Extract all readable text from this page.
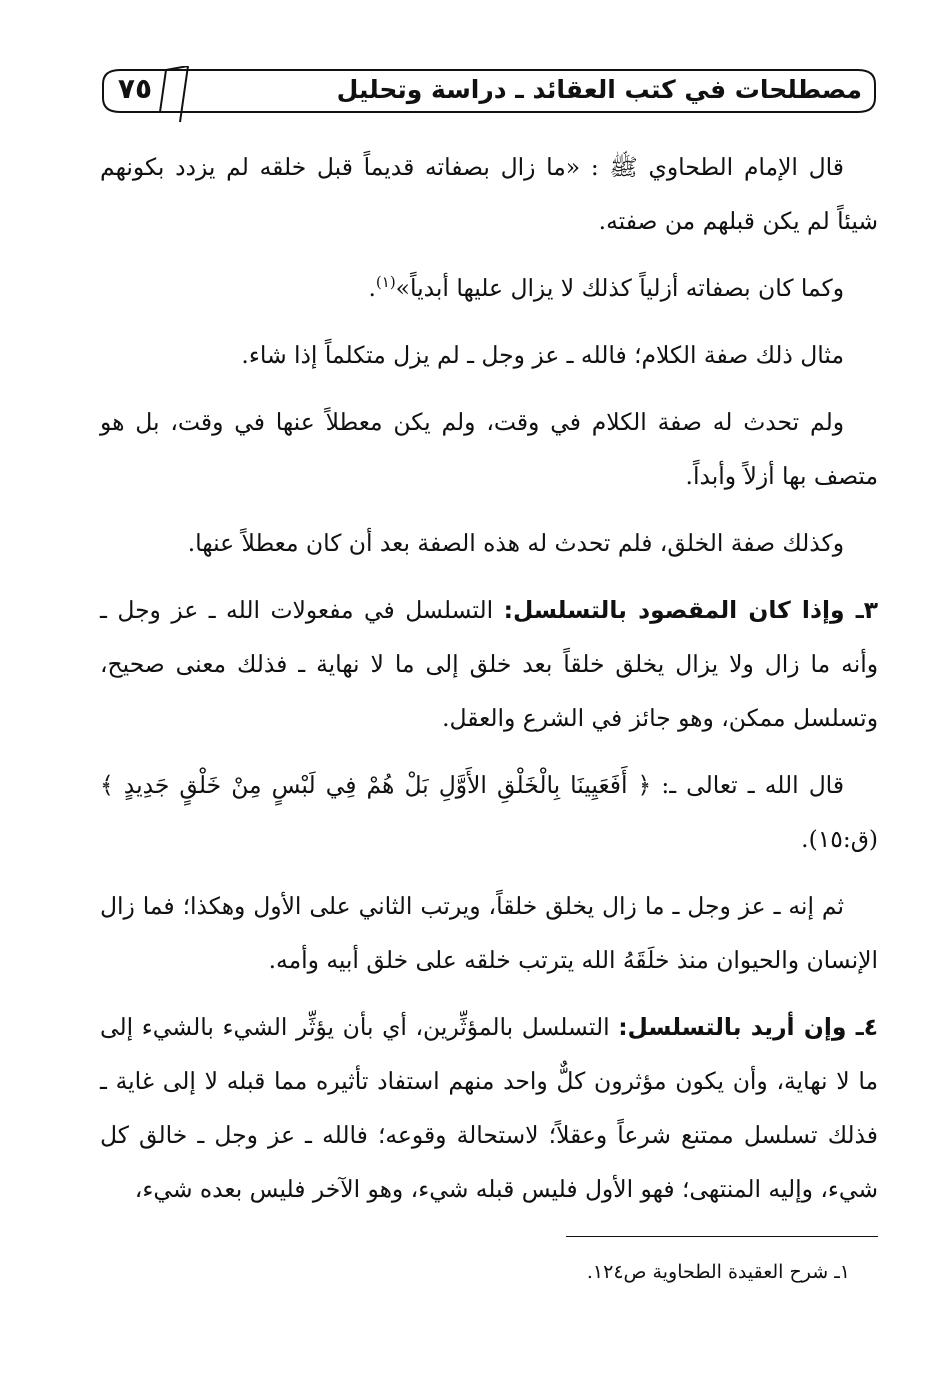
٧٥	مصطلحات في كتب العقائد ـ دراسة وتحليل

قال الإمام الطحاوي ﷺ : «ما زال بصفاته قديماً قبل خلقه لم يزدد بكونهم شيئاً لم يكن قبلهم من صفته.

وكما كان بصفاته أزلياً كذلك لا يزال عليها أبدياً»$^{(١)}$.

مثال ذلك صفة الكلام؛ فالله ـ عز وجل ـ لم يزل متكلماً إذا شاء.

ولم تحدث له صفة الكلام في وقت، ولم يكن معطلاً عنها في وقت، بل هو متصف بها أزلاً وأبداً.

وكذلك صفة الخلق، فلم تحدث له هذه الصفة بعد أن كان معطلاً عنها.

٣ـ وإذا كان المقصود بالتسلسل: التسلسل في مفعولات الله ـ عز وجل ـ وأنه ما زال ولا يزال يخلق خلقاً بعد خلق إلى ما لا نهاية ـ فذلك معنى صحيح، وتسلسل ممكن، وهو جائز في الشرع والعقل.

قال الله ـ تعالى ـ: ﴿ أَفَعَيِينَا بِالْخَلْقِ الأَوَّلِ بَلْ هُمْ فِي لَبْسٍ مِنْ خَلْقٍ جَدِيدٍ ﴾ (ق:١٥).

ثم إنه ـ عز وجل ـ ما زال يخلق خلقاً، ويرتب الثاني على الأول وهكذا؛ فما زال الإنسان والحيوان منذ خلَقَهُ الله يترتب خلقه على خلق أبيه وأمه.

٤ـ وإن أريد بالتسلسل: التسلسل بالمؤثِّرين، أي بأن يؤثِّر الشيء بالشيء إلى ما لا نهاية، وأن يكون مؤثرون كلٌّ واحد منهم استفاد تأثيره مما قبله لا إلى غاية ـ فذلك تسلسل ممتنع شرعاً وعقلاً؛ لاستحالة وقوعه؛ فالله ـ عز وجل ـ خالق كل شيء، وإليه المنتهى؛ فهو الأول فليس قبله شيء، وهو الآخر فليس بعده شيء،

١ـ شرح العقيدة الطحاوية ص١٢٤.
